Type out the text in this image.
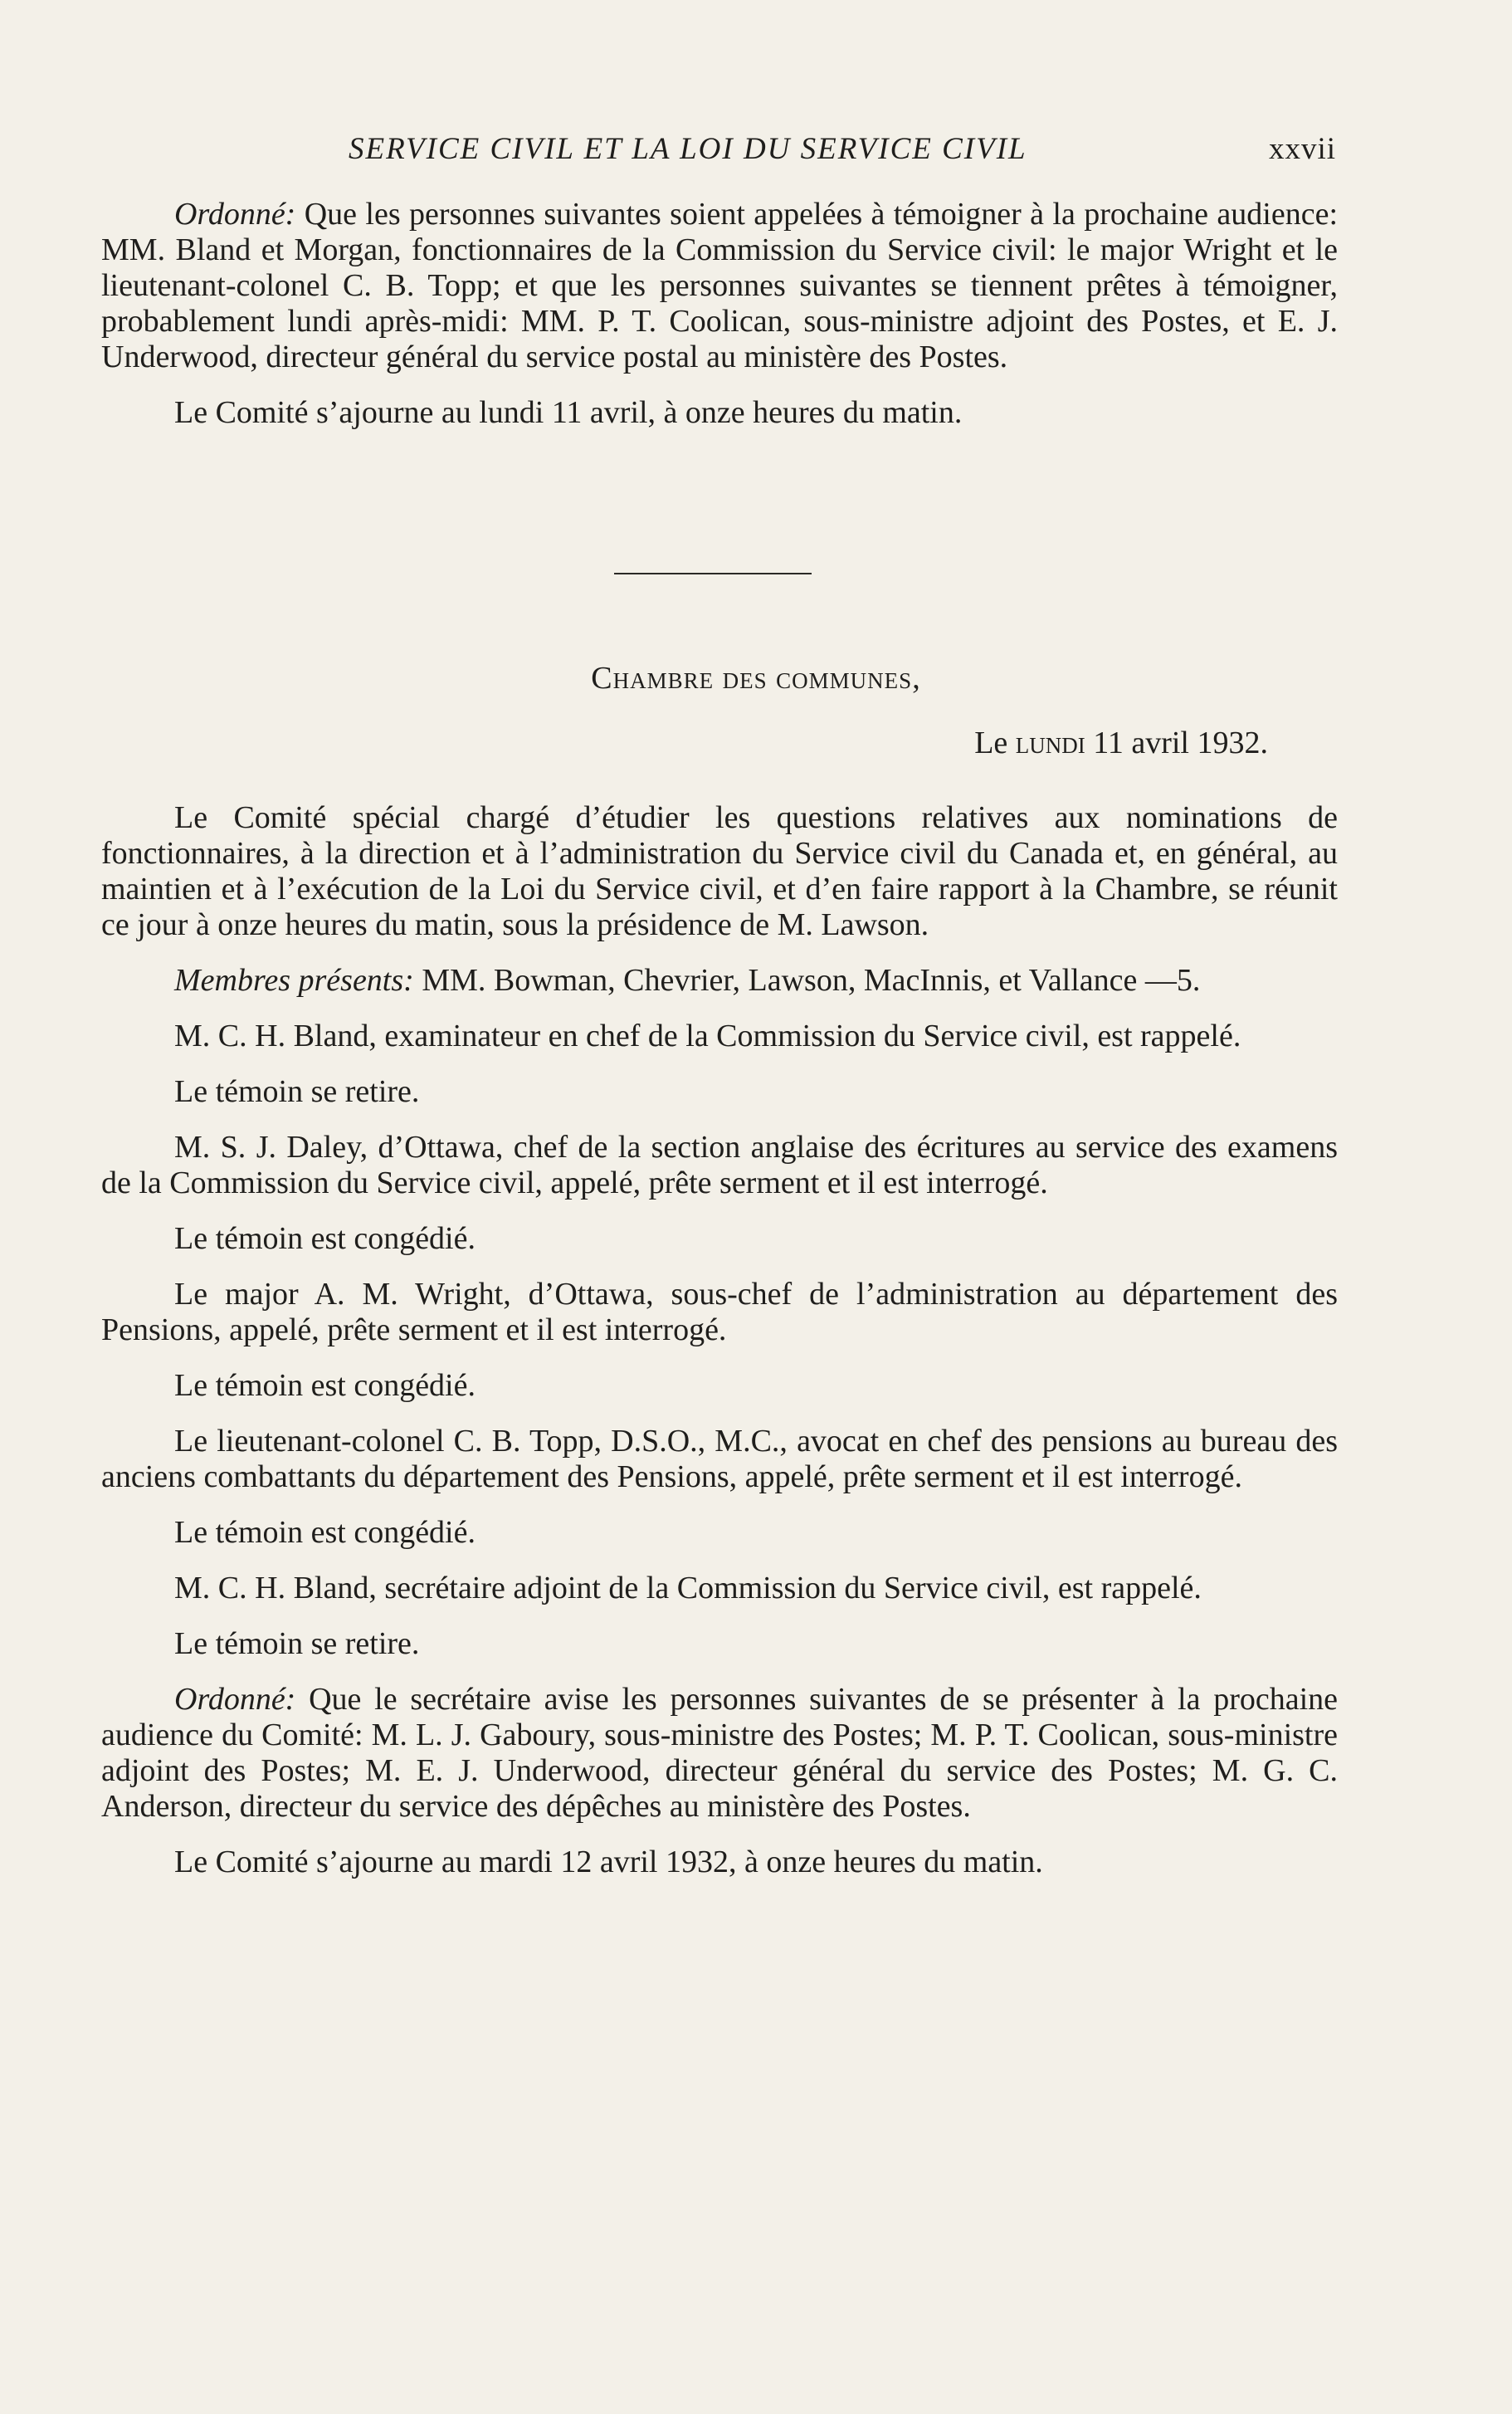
SERVICE CIVIL ET LA LOI DU SERVICE CIVIL	xxvii

Ordonné: Que les personnes suivantes soient appelées à témoigner à la prochaine audience: MM. Bland et Morgan, fonctionnaires de la Commission du Service civil: le major Wright et le lieutenant-colonel C. B. Topp; et que les personnes suivantes se tiennent prêtes à témoigner, probablement lundi après-midi: MM. P. T. Coolican, sous-ministre adjoint des Postes, et E. J. Underwood, directeur général du service postal au ministère des Postes.

Le Comité s’ajourne au lundi 11 avril, à onze heures du matin.

Chambre des communes,
Le lundi 11 avril 1932.

Le Comité spécial chargé d’étudier les questions relatives aux nominations de fonctionnaires, à la direction et à l’administration du Service civil du Canada et, en général, au maintien et à l’exécution de la Loi du Service civil, et d’en faire rapport à la Chambre, se réunit ce jour à onze heures du matin, sous la présidence de M. Lawson.

Membres présents: MM. Bowman, Chevrier, Lawson, MacInnis, et Vallance —5.

M. C. H. Bland, examinateur en chef de la Commission du Service civil, est rappelé.

Le témoin se retire.

M. S. J. Daley, d’Ottawa, chef de la section anglaise des écritures au service des examens de la Commission du Service civil, appelé, prête serment et il est interrogé.

Le témoin est congédié.

Le major A. M. Wright, d’Ottawa, sous-chef de l’administration au département des Pensions, appelé, prête serment et il est interrogé.

Le témoin est congédié.

Le lieutenant-colonel C. B. Topp, D.S.O., M.C., avocat en chef des pensions au bureau des anciens combattants du département des Pensions, appelé, prête serment et il est interrogé.

Le témoin est congédié.

M. C. H. Bland, secrétaire adjoint de la Commission du Service civil, est rappelé.

Le témoin se retire.

Ordonné: Que le secrétaire avise les personnes suivantes de se présenter à la prochaine audience du Comité: M. L. J. Gaboury, sous-ministre des Postes; M. P. T. Coolican, sous-ministre adjoint des Postes; M. E. J. Underwood, directeur général du service des Postes; M. G. C. Anderson, directeur du service des dépêches au ministère des Postes.

Le Comité s’ajourne au mardi 12 avril 1932, à onze heures du matin.
